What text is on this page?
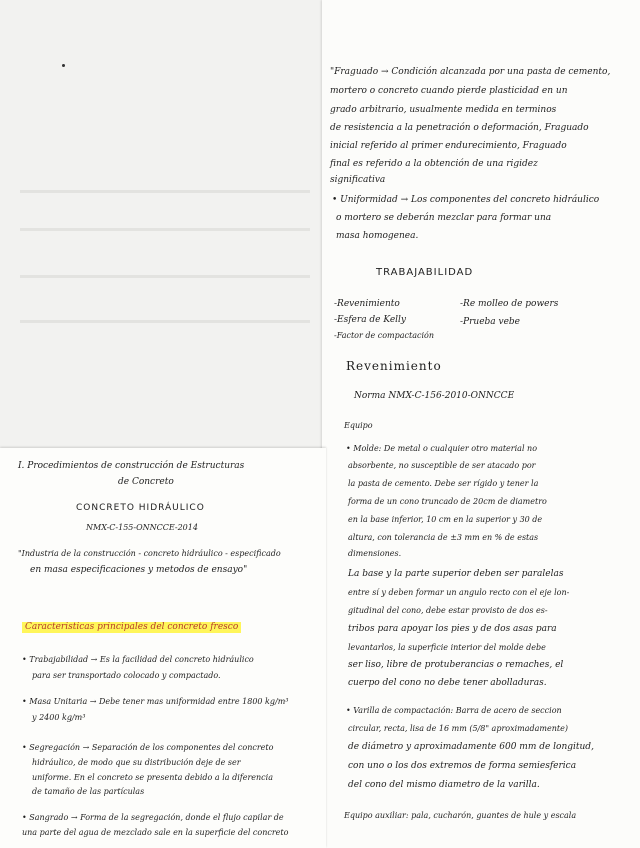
"Fraguado → Condición alcanzada por una pasta de cemento,
mortero o concreto cuando pierde plasticidad en un
grado arbitrario, usualmente medida en terminos
de resistencia a la penetración o deformación, Fraguado
inicial referido al primer endurecimiento, Fraguado
final es referido a la obtención de una rigidez
significativa
• Uniformidad → Los componentes del concreto hidráulico
o mortero se deberán mezclar para formar una
masa homogenea.
TRABAJABILIDAD
-Revenimiento
-Esfera de Kelly
-Factor de compactación
-Re molleo de powers
-Prueba vebe
Revenimiento
Norma NMX-C-156-2010-ONNCCE
Equipo
• Molde: De metal o cualquier otro material no
absorbente, no susceptible de ser atacado por
la pasta de cemento. Debe ser rígido y tener la
forma de un cono truncado de 20cm de diametro
en la base inferior, 10 cm en la superior y 30 de
altura, con tolerancia de ±3 mm en % de estas
dimensiones.
La base y la parte superior deben ser paralelas
entre sí y deben formar un angulo recto con el eje lon-
gitudinal del cono, debe estar provisto de dos es-
tribos para apoyar los pies y de dos asas para
levantarlos, la superficie interior del molde debe
ser liso, libre de protuberancias o remaches, el
cuerpo del cono no debe tener abolladuras.
• Varilla de compactación: Barra de acero de seccion
circular, recta, lisa de 16 mm (5/8" aproximadamente)
de diámetro y aproximadamente 600 mm de longitud,
con uno o los dos extremos de forma semiesferica
del cono del mismo diametro de la varilla.
Equipo auxiliar: pala, cucharón, guantes de hule y escala
I. Procedimientos de construcción de Estructuras
de Concreto
CONCRETO HIDRÁULICO
NMX-C-155-ONNCCE-2014
"Industria de la construcción - concreto hidráulico - especificado
en masa especificaciones y metodos de ensayo"
Caracteristicas principales del concreto fresco
• Trabajabilidad → Es la facilidad del concreto hidráulico
para ser transportado colocado y compactado.
• Masa Unitaria → Debe tener mas uniformidad entre 1800 kg/m³
y 2400 kg/m³
• Segregación → Separación de los componentes del concreto
hidráulico, de modo que su distribución deje de ser
uniforme. En el concreto se presenta debido a la diferencia
de tamaño de las partículas
• Sangrado → Forma de la segregación, donde el flujo capilar de
una parte del agua de mezclado sale en la superficie del concreto
